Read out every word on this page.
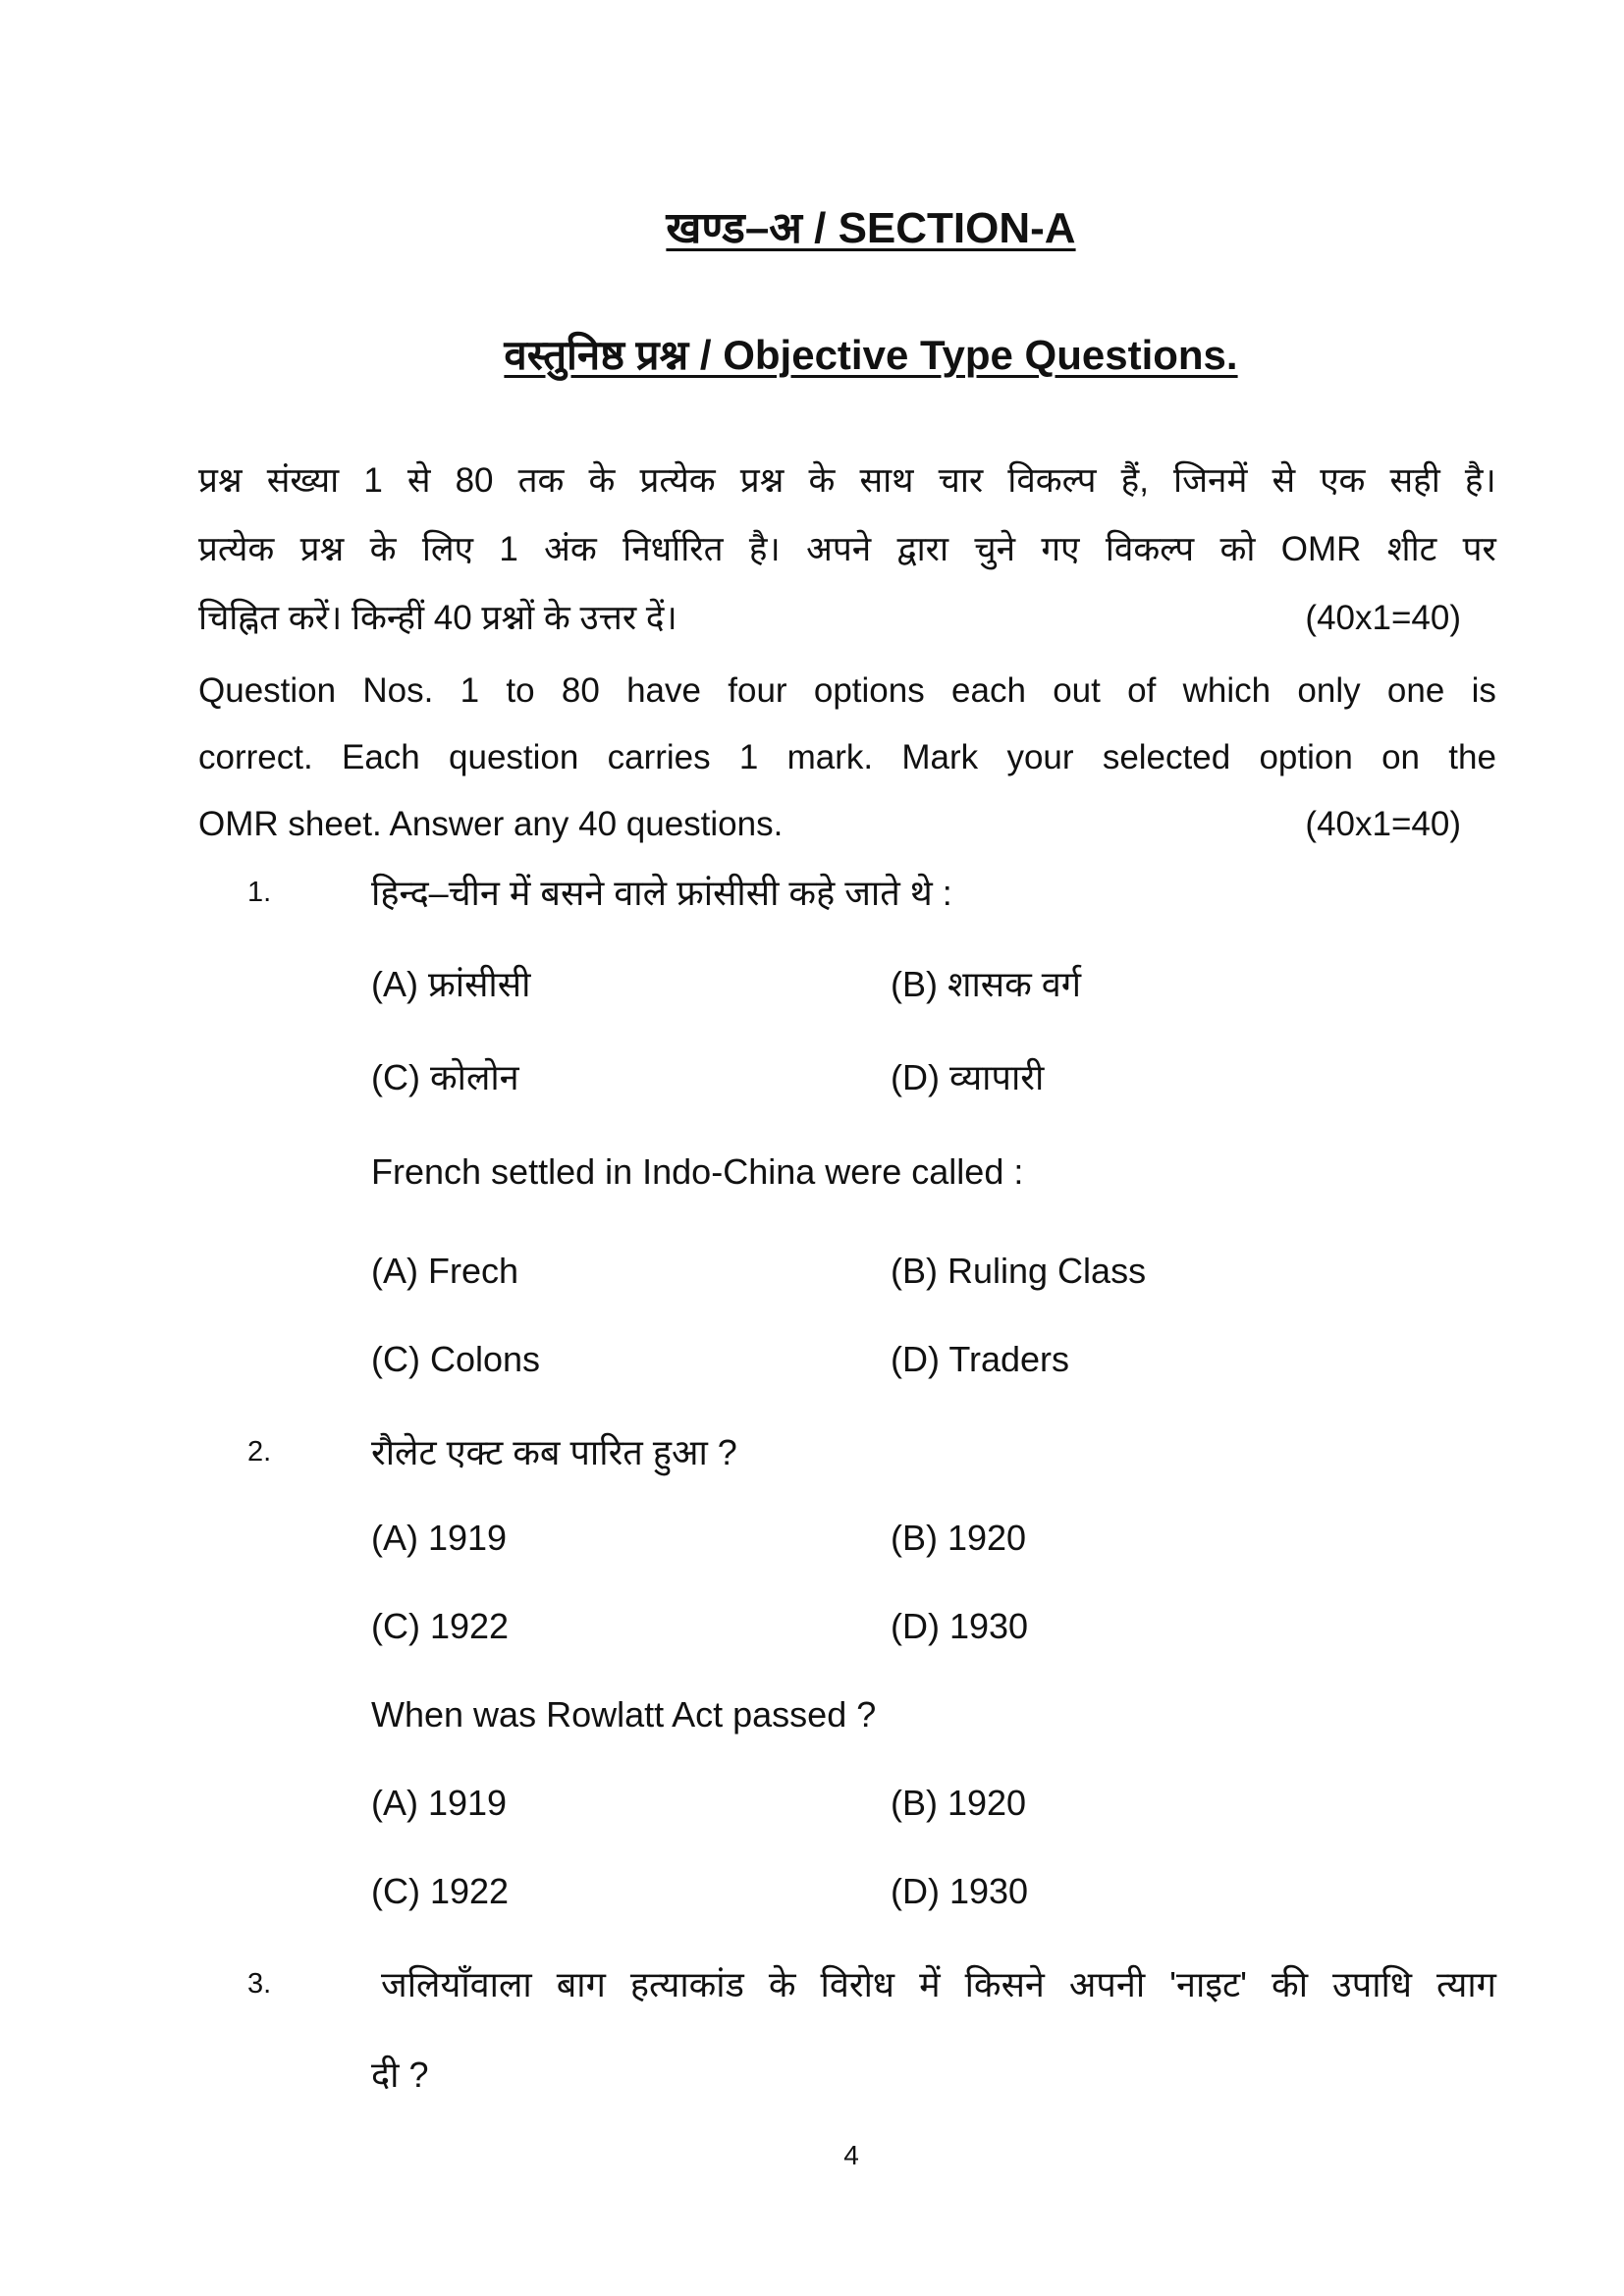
खण्ड–अ / SECTION-A
वस्तुनिष्ठ प्रश्न / Objective Type Questions.
प्रश्न संख्या 1 से 80 तक के प्रत्येक प्रश्न के साथ चार विकल्प हैं, जिनमें से एक सही है।
प्रत्येक प्रश्न के लिए 1 अंक निर्धारित है। अपने द्वारा चुने गए विकल्प को OMR शीट पर
चिह्नित करें। किन्हीं 40 प्रश्नों के उत्तर दें।	(40x1=40)
Question Nos. 1 to 80 have four options each out of which only one is
correct. Each question carries 1 mark. Mark your selected option on the
OMR sheet. Answer any 40 questions.	(40x1=40)
1.	हिन्द–चीन में बसने वाले फ्रांसीसी कहे जाते थे :
(A) फ्रांसीसी	(B) शासक वर्ग
(C) कोलोन	(D) व्यापारी
French settled in Indo-China were called :
(A) Frech	(B) Ruling Class
(C) Colons	(D) Traders
2.	रौलेट एक्ट कब पारित हुआ ?
(A) 1919	(B) 1920
(C) 1922	(D) 1930
When was Rowlatt Act passed ?
(A) 1919	(B) 1920
(C) 1922	(D) 1930
3.	जलियाँवाला बाग हत्याकांड के विरोध में किसने अपनी 'नाइट' की उपाधि त्याग
दी ?
4
